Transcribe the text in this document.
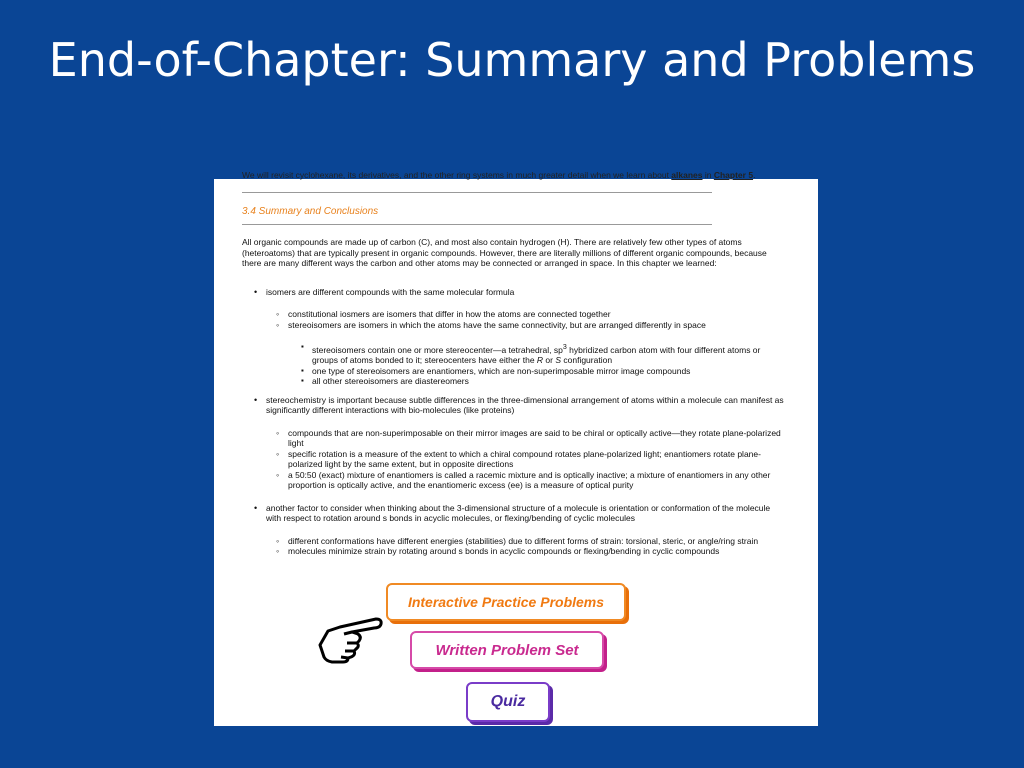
End-of-Chapter: Summary and Problems
We will revisit cyclohexane, its derivatives, and the other ring systems in much greater detail when we learn about alkanes in Chapter 5.
3.4 Summary and Conclusions

All organic compounds are made up of carbon (C), and most also contain hydrogen (H). There are relatively few other types of atoms (heteroatoms) that are typically present in organic compounds. However, there are literally millions of different organic compounds, because there are many different ways the carbon and other atoms may be connected or arranged in space. In this chapter we learned:

• isomers are different compounds with the same molecular formula
◦ constitutional iosmers are isomers that differ in how the atoms are connected together
◦ stereoisomers are isomers in which the atoms have the same connectivity, but are arranged differently in space
▪ stereoisomers contain one or more stereocenter—a tetrahedral, $sp^3$ hybridized carbon atom with four different atoms or groups of atoms bonded to it; stereocenters have either the R or S configuration
▪ one type of stereoisomers are enantiomers, which are non-superimposable mirror image compounds
▪ all other stereoisomers are diastereomers
• stereochemistry is important because subtle differences in the three-dimensional arrangement of atoms within a molecule can manifest as significantly different interactions with bio-molecules (like proteins)
◦ compounds that are non-superimposable on their mirror images are said to be chiral or optically active—they rotate plane-polarized light
◦ specific rotation is a measure of the extent to which a chiral compound rotates plane-polarized light; enantiomers rotate plane-polarized light by the same extent, but in opposite directions
◦ a 50:50 (exact) mixture of enantiomers is called a racemic mixture and is optically inactive; a mixture of enantiomers in any other proportion is optically active, and the enantiomeric excess (ee) is a measure of optical purity
• another factor to consider when thinking about the 3-dimensional structure of a molecule is orientation or conformation of the molecule with respect to rotation around s bonds in acyclic molecules, or flexing/bending of cyclic molecules
◦ different conformations have different energies (stabilities) due to different forms of strain: torsional, steric, or angle/ring strain
◦ molecules minimize strain by rotating around s bonds in acyclic compounds or flexing/bending in cyclic compounds
Interactive Practice Problems
Written Problem Set
Quiz
